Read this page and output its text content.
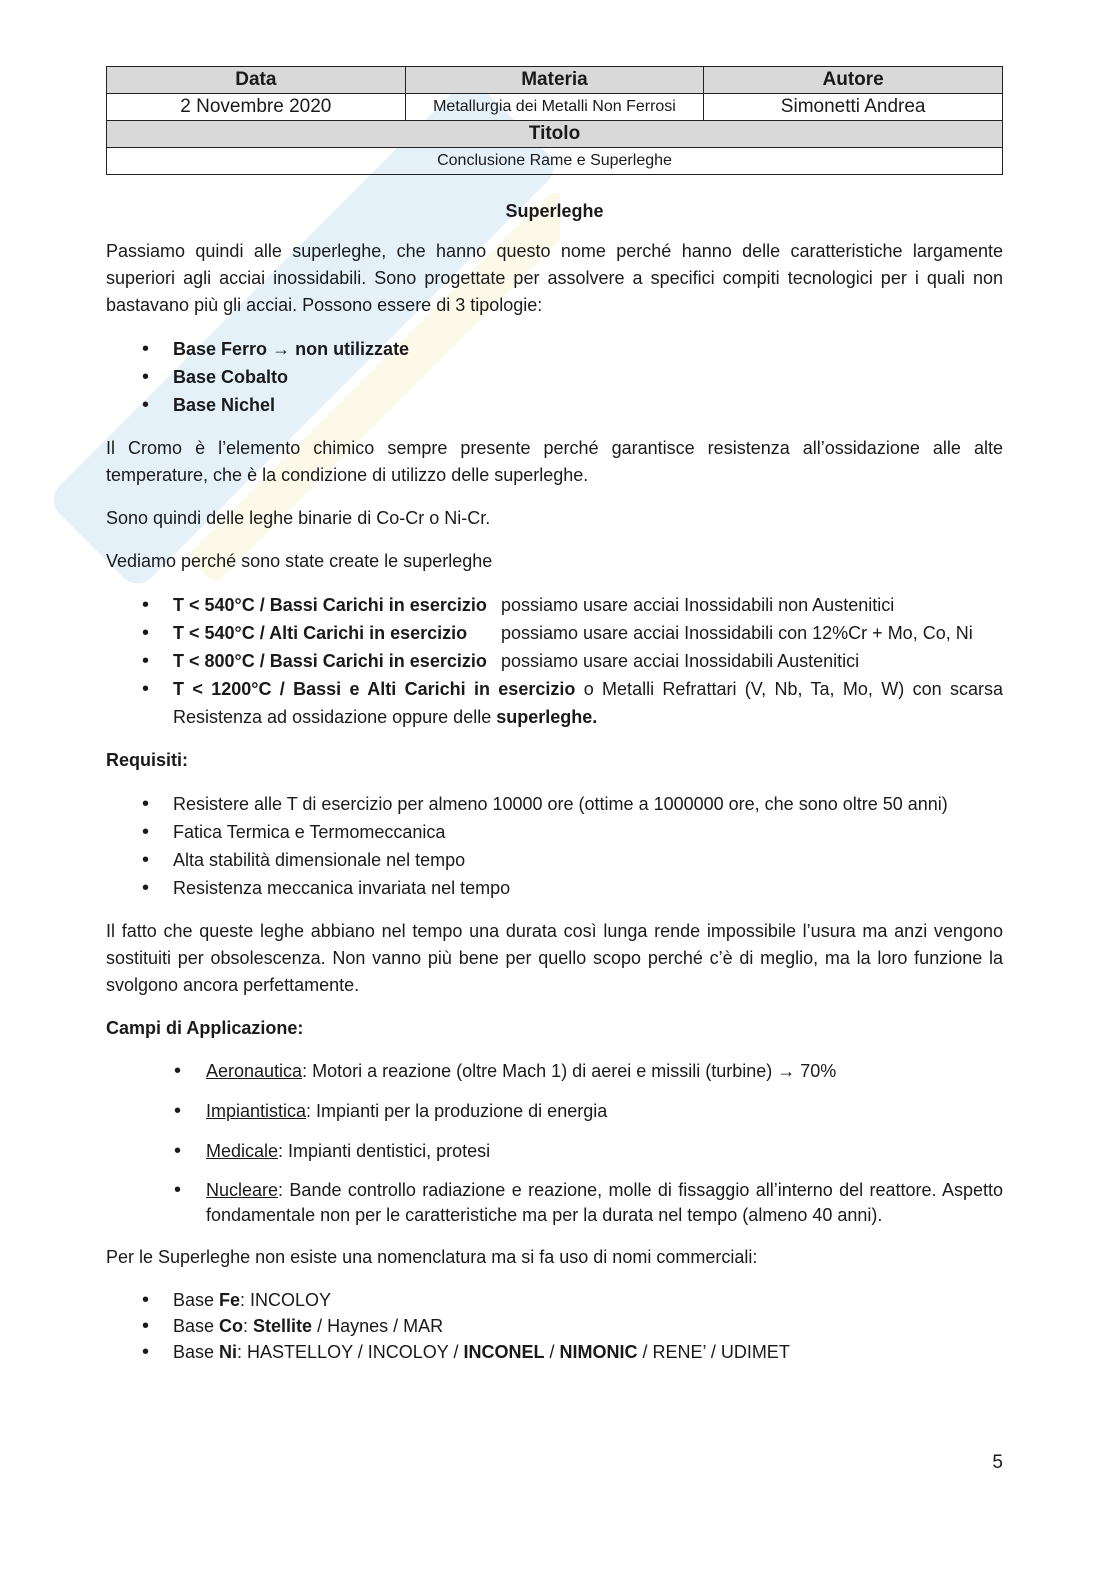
Data	Materia	Autore
2 Novembre 2020	Metallurgia dei Metalli Non Ferrosi	Simonetti Andrea
Titolo		
Conclusione Rame e Superleghe		
Superleghe

Passiamo quindi alle superleghe, che hanno questo nome perché hanno delle caratteristiche largamente superiori agli acciai inossidabili. Sono progettate per assolvere a specifici compiti tecnologici per i quali non bastavano più gli acciai. Possono essere di 3 tipologie:

• Base Ferro → non utilizzate
• Base Cobalto
• Base Nichel

Il Cromo è l’elemento chimico sempre presente perché garantisce resistenza all’ossidazione alle alte temperature, che è la condizione di utilizzo delle superleghe.

Sono quindi delle leghe binarie di Co-Cr o Ni-Cr.

Vediamo perché sono state create le superleghe

• T < 540°C / Bassi Carichi in esercizio possiamo usare acciai Inossidabili non Austenitici
• T < 540°C / Alti Carichi in esercizio possiamo usare acciai Inossidabili con 12%Cr + Mo, Co, Ni
• T < 800°C / Bassi Carichi in esercizio possiamo usare acciai Inossidabili Austenitici
• T < 1200°C / Bassi e Alti Carichi in esercizio o Metalli Refrattari (V, Nb, Ta, Mo, W) con scarsa Resistenza ad ossidazione oppure delle superleghe.
Requisiti:
• Resistere alle T di esercizio per almeno 10000 ore (ottime a 1000000 ore, che sono oltre 50 anni)
• Fatica Termica e Termomeccanica
• Alta stabilità dimensionale nel tempo
• Resistenza meccanica invariata nel tempo

Il fatto che queste leghe abbiano nel tempo una durata così lunga rende impossibile l’usura ma anzi vengono sostituiti per obsolescenza. Non vanno più bene per quello scopo perché c’è di meglio, ma la loro funzione la svolgono ancora perfettamente.

Campi di Applicazione:
• Aeronautica: Motori a reazione (oltre Mach 1) di aerei e missili (turbine) → 70%
• Impiantistica: Impianti per la produzione di energia
• Medicale: Impianti dentistici, protesi
• Nucleare: Bande controllo radiazione e reazione, molle di fissaggio all’interno del reattore. Aspetto fondamentale non per le caratteristiche ma per la durata nel tempo (almeno 40 anni).

Per le Superleghe non esiste una nomenclatura ma si fa uso di nomi commerciali:

• Base Fe: INCOLOY
• Base Co: Stellite / Haynes / MAR
• Base Ni: HASTELLOY / INCOLOY / INCONEL / NIMONIC / RENE’ / UDIMET
5
